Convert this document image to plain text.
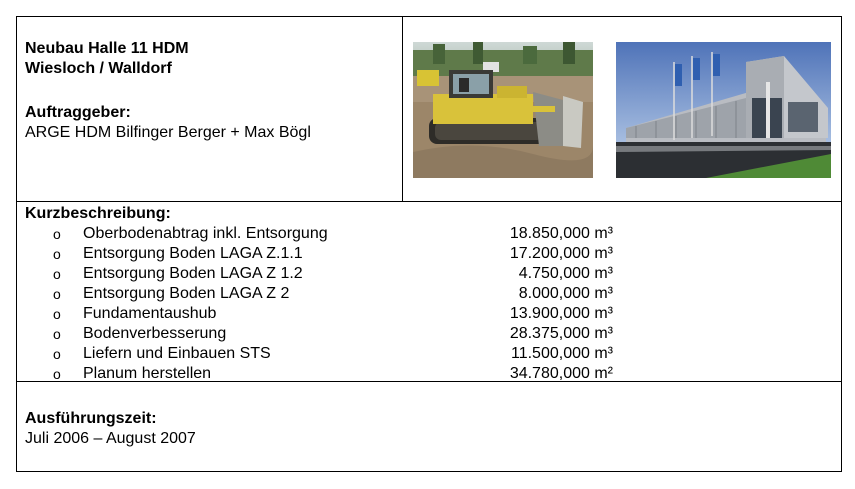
Neubau Halle 11 HDM
Wiesloch / Walldorf
Auftraggeber:
ARGE HDM Bilfinger Berger + Max Bögl
Kurzbeschreibung:
o Oberbodenabtrag inkl. Entsorgung	18.850,000 m³
o Entsorgung Boden LAGA Z.1.1	17.200,000 m³
o Entsorgung Boden LAGA Z 1.2	4.750,000 m³
o Entsorgung Boden LAGA Z 2	8.000,000 m³
o Fundamentaushub	13.900,000 m³
o Bodenverbesserung	28.375,000 m³
o Liefern und Einbauen STS	11.500,000 m³
o Planum herstellen	34.780,000 m²
Ausführungszeit:
Juli 2006 – August 2007
